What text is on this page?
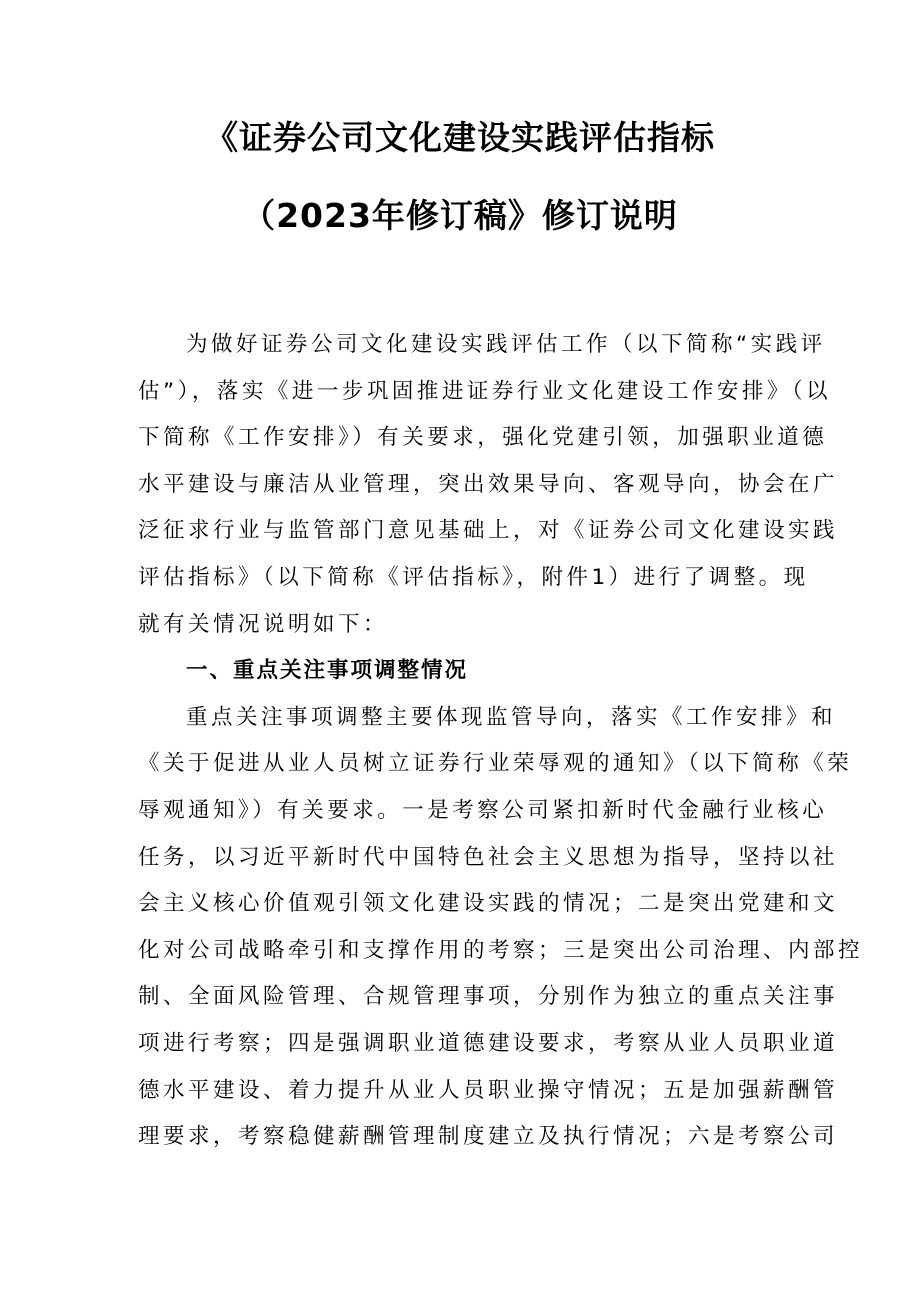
《证券公司文化建设实践评估指标
（2023年修订稿》修订说明
为做好证券公司文化建设实践评估工作（以下简称“实践评
估”），落实《进一步巩固推进证券行业文化建设工作安排》（以
下简称《工作安排》）有关要求，强化党建引领，加强职业道德
水平建设与廉洁从业管理，突出效果导向、客观导向，协会在广
泛征求行业与监管部门意见基础上，对《证券公司文化建设实践
评估指标》（以下简称《评估指标》，附件1）进行了调整。现
就有关情况说明如下：
一、重点关注事项调整情况
重点关注事项调整主要体现监管导向，落实《工作安排》和
《关于促进从业人员树立证券行业荣辱观的通知》（以下简称《荣
辱观通知》）有关要求。一是考察公司紧扣新时代金融行业核心
任务，以习近平新时代中国特色社会主义思想为指导，坚持以社
会主义核心价值观引领文化建设实践的情况；二是突出党建和文
化对公司战略牵引和支撑作用的考察；三是突出公司治理、内部控
制、全面风险管理、合规管理事项，分别作为独立的重点关注事
项进行考察；四是强调职业道德建设要求，考察从业人员职业道
德水平建设、着力提升从业人员职业操守情况；五是加强薪酬管
理要求，考察稳健薪酬管理制度建立及执行情况；六是考察公司
